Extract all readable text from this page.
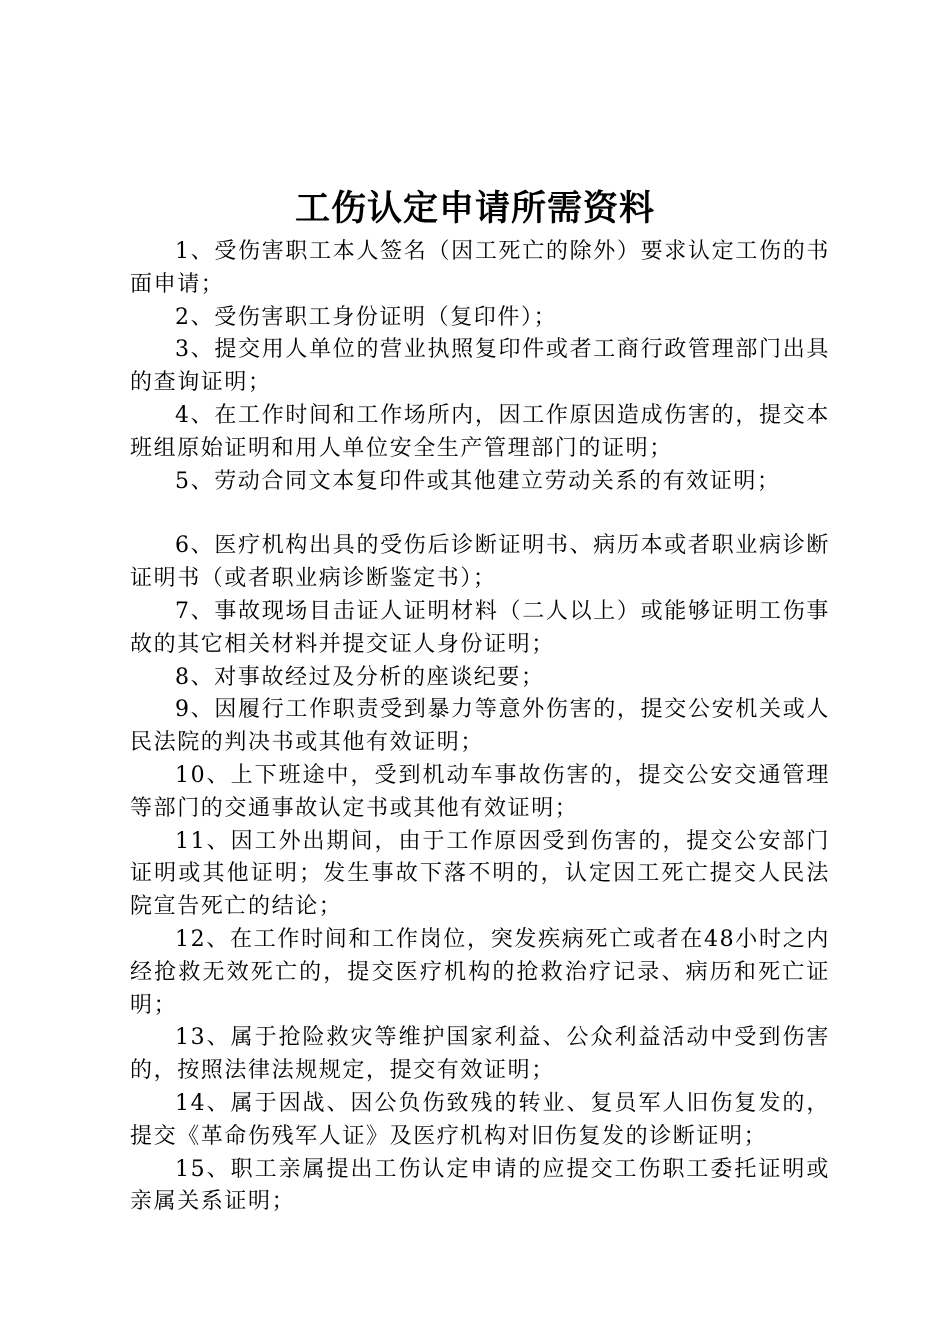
工伤认定申请所需资料

1、受伤害职工本人签名（因工死亡的除外）要求认定工伤的书面申请；

2、受伤害职工身份证明（复印件）；

3、提交用人单位的营业执照复印件或者工商行政管理部门出具的查询证明；

4、在工作时间和工作场所内，因工作原因造成伤害的，提交本班组原始证明和用人单位安全生产管理部门的证明；

5、劳动合同文本复印件或其他建立劳动关系的有效证明；

6、医疗机构出具的受伤后诊断证明书、病历本或者职业病诊断证明书（或者职业病诊断鉴定书）；

7、事故现场目击证人证明材料（二人以上）或能够证明工伤事故的其它相关材料并提交证人身份证明；

8、对事故经过及分析的座谈纪要；

9、因履行工作职责受到暴力等意外伤害的，提交公安机关或人民法院的判决书或其他有效证明；

10、上下班途中，受到机动车事故伤害的，提交公安交通管理等部门的交通事故认定书或其他有效证明；

11、因工外出期间，由于工作原因受到伤害的，提交公安部门证明或其他证明；发生事故下落不明的，认定因工死亡提交人民法院宣告死亡的结论；

12、在工作时间和工作岗位，突发疾病死亡或者在48小时之内经抢救无效死亡的，提交医疗机构的抢救治疗记录、病历和死亡证明；

13、属于抢险救灾等维护国家利益、公众利益活动中受到伤害的，按照法律法规规定，提交有效证明；

14、属于因战、因公负伤致残的转业、复员军人旧伤复发的，提交《革命伤残军人证》及医疗机构对旧伤复发的诊断证明；

15、职工亲属提出工伤认定申请的应提交工伤职工委托证明或亲属关系证明；
